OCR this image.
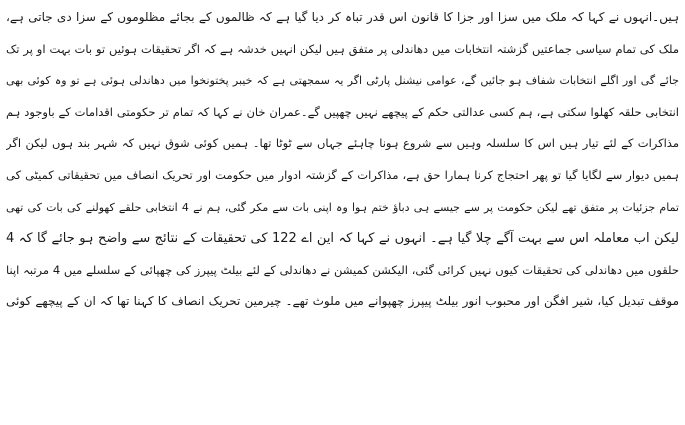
ہیں۔انہوں نے کہا کہ ملک میں سزا اور جزا کا قانون اس قدر تباہ کر دیا گیا ہے کہ ظالموں کے بجائے مظلوموں کے سزا دی جاتی ہے،
ملک کی تمام سیاسی جماعتیں گزشتہ انتخابات میں دھاندلی پر متفق ہیں لیکن انہیں خدشہ ہے کہ اگر تحقیقات ہوئیں تو بات بہت او پر تک
جائے گی اور اگلے انتخابات شفاف ہو جائیں گے، عوامی نیشنل پارٹی اگر یہ سمجھتی ہے کہ خیبر پختونخوا میں دھاندلی ہوئی ہے تو وہ کوئی بھی
انتخابی حلقہ کھلوا سکتی ہے، ہم کسی عدالتی حکم کے پیچھے نہیں چھپیں گے۔عمران خان نے کہا کہ تمام تر حکومتی اقدامات کے باوجود ہم
مذاکرات کے لئے تیار ہیں اس کا سلسلہ وہیں سے شروع ہونا چاہئے جہاں سے ٹوٹا تھا۔ ہمیں کوئی شوق نہیں کہ شہر بند ہوں لیکن اگر
ہمیں دیوار سے لگایا گیا تو پھر احتجاج کرنا ہمارا حق ہے، مذاکرات کے گزشتہ ادوار میں حکومت اور تحریک انصاف میں تحقیقاتی کمیٹی کی
تمام جزئیات پر متفق تھے لیکن حکومت پر سے جیسے ہی دباؤ ختم ہوا وہ اپنی بات سے مکر گئی، ہم نے 4 انتخابی حلقے کھولنے کی بات کی تھی
لیکن اب معاملہ اس سے بہت آگے چلا گیا ہے۔ انہوں نے کہا کہ این اے 122 کی تحقیقات کے نتائج سے واضح ہو جائے گا کہ 4
حلقوں میں دھاندلی کی تحقیقات کیوں نہیں کرائی گئی، الیکشن کمیشن نے دھاندلی کے لئے بیلٹ پیپرز کی چھپائی کے سلسلے میں 4 مرتبہ اپنا
موقف تبدیل کیا، شیر افگن اور محبوب انور بیلٹ پیپرز چھپوانے میں ملوث تھے۔ چیرمین تحریک انصاف کا کہنا تھا کہ ان کے پیچھے کوئی
